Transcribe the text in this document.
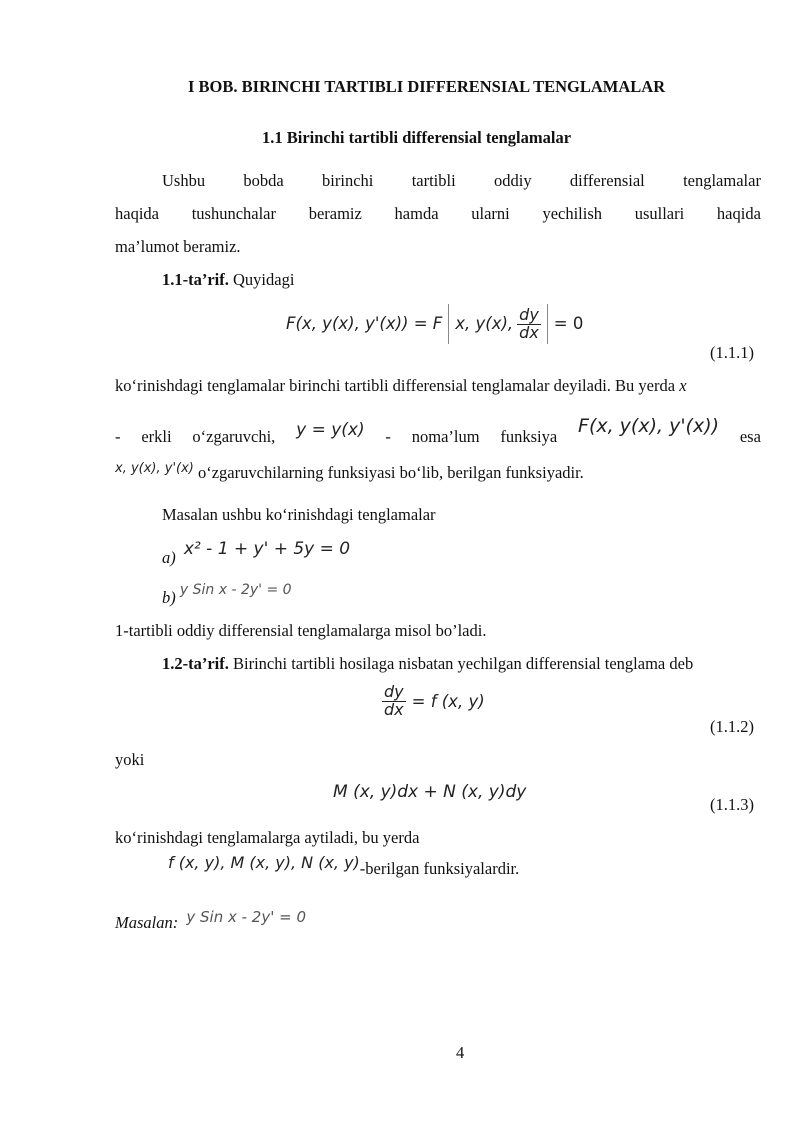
I BOB. BIRINCHI TARTIBLI DIFFERENSIAL TENGLAMALAR
1.1 Birinchi tartibli differensial tenglamalar
Ushbu bobda birinchi tartibli oddiy differensial tenglamalar
haqida tushunchalar beramiz hamda ularni yechilish usullari haqida
ma’lumot beramiz.
1.1-ta’rif. Quyidagi
F(x, y(x), y'(x)) = F x, y(x), $\frac{dy}{dx} = 0$
(1.1.1)
ko‘rinishdagi tenglamalar birinchi tartibli differensial tenglamalar deyiladi. Bu yerda x
- erkli o‘zgaruvchi, y = y(x) - noma’lum funksiya F(x, y(x), y'(x)) esa
$^{x, y(x), y'(x)}$ o‘zgaruvchilarning funksiyasi bo‘lib, berilgan funksiyadir.
Masalan ushbu ko‘rinishdagi tenglamalar
a) x² - 1 + y' + 5y = 0
b) y Sin x - 2y' = 0
1-tartibli oddiy differensial tenglamalarga misol bo’ladi.
1.2-ta’rif. Birinchi tartibli hosilaga nisbatan yechilgan differensial tenglama deb
$\frac{dy}{dx} = f$ (x, y)
(1.1.2)
yoki
M (x, y)dx + N (x, y)dy
(1.1.3)
ko‘rinishdagi tenglamalarga aytiladi, bu yerda
f (x, y), M (x, y), N (x, y)-berilgan funksiyalardir.
Masalan: y Sin x - 2y' = 0
4
